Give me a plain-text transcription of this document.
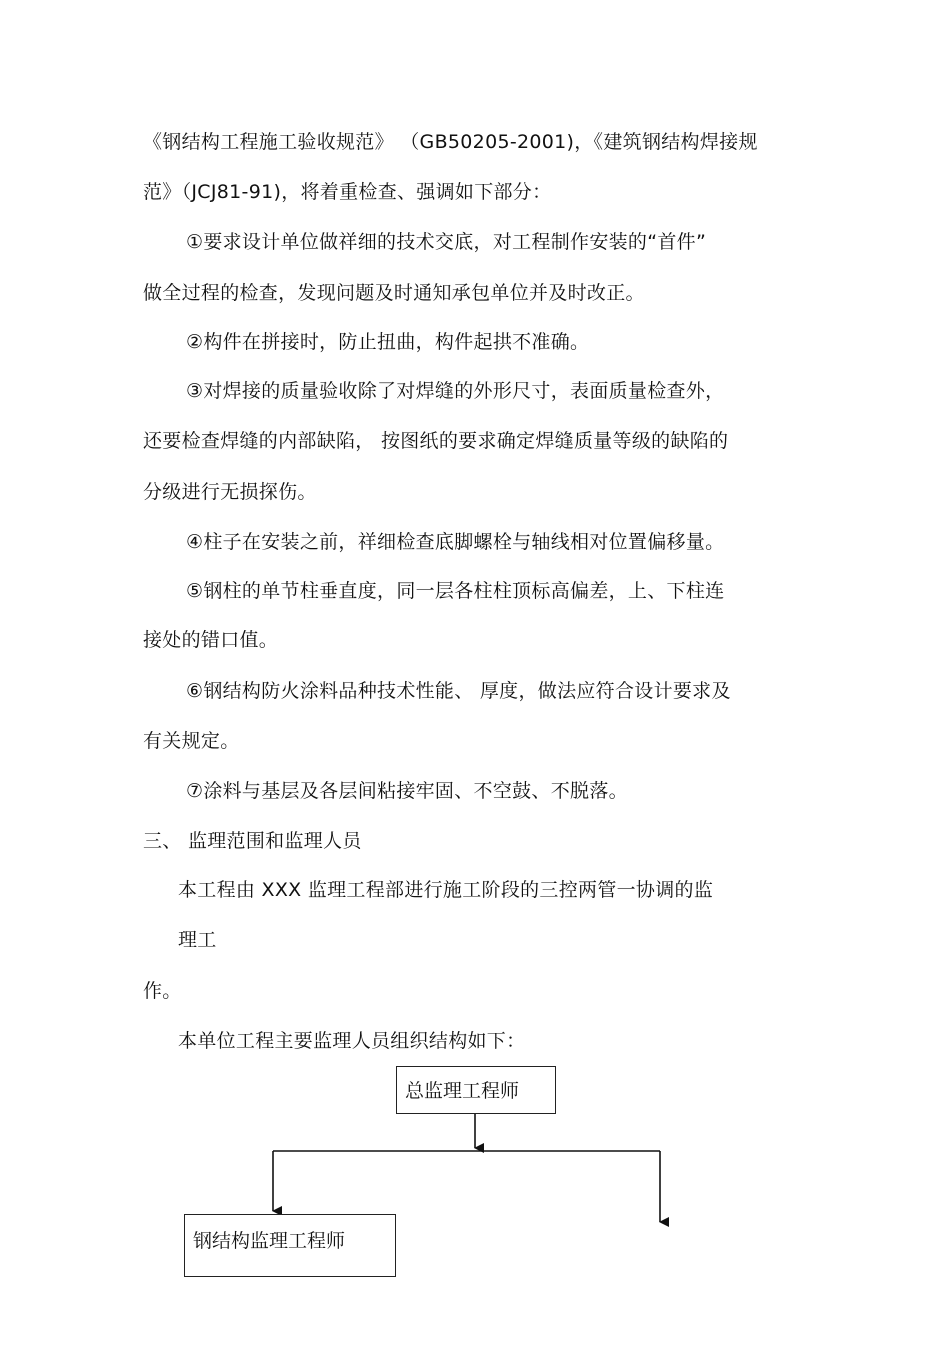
《钢结构工程施工验收规范》 （GB50205-2001)，《建筑钢结构焊接规
范》（JCJ81-91)，将着重检查、强调如下部分：
①要求设计单位做祥细的技术交底，对工程制作安装的“首件”
做全过程的检查，发现问题及时通知承包单位并及时改正。
②构件在拼接时，防止扭曲，构件起拱不准确。
③对焊接的质量验收除了对焊缝的外形尺寸，表面质量检查外，
还要检查焊缝的内部缺陷， 按图纸的要求确定焊缝质量等级的缺陷的
分级进行无损探伤。
④柱子在安装之前，祥细检查底脚螺栓与轴线相对位置偏移量。
⑤钢柱的单节柱垂直度，同一层各柱柱顶标高偏差，上、下柱连
接处的错口值。
⑥钢结构防火涂料品种技术性能、 厚度，做法应符合设计要求及
有关规定。
⑦涂料与基层及各层间粘接牢固、不空鼓、不脱落。
三、 监理范围和监理人员
本工程由 XXX 监理工程部进行施工阶段的三控两管一协调的监
理工
作。
本单位工程主要监理人员组织结构如下：
总监理工程师
钢结构监理工程师
